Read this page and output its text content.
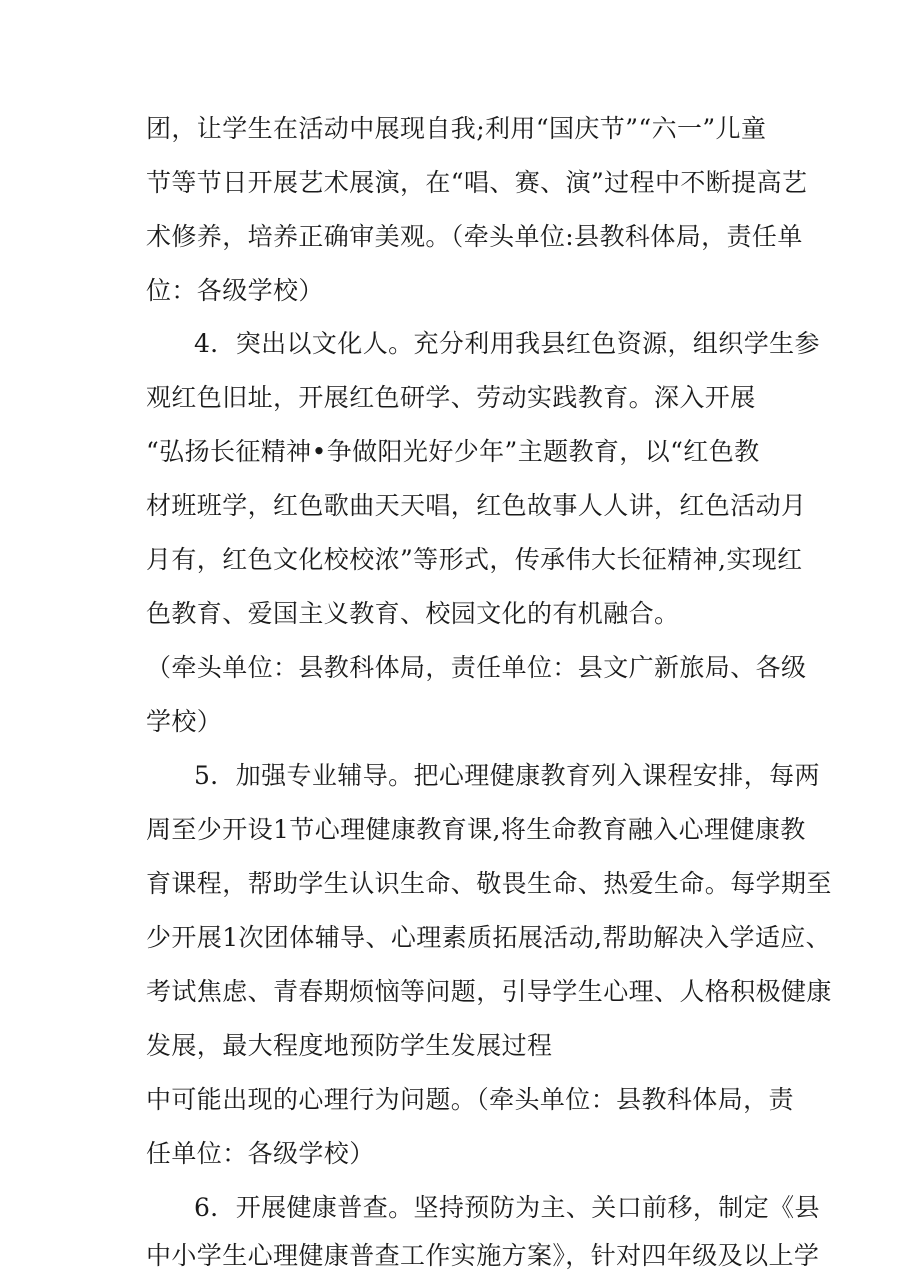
团，让学生在活动中展现自我;利用“国庆节”“六一”儿童
节等节日开展艺术展演，在“唱、赛、演”过程中不断提高艺
术修养，培养正确审美观。（牵头单位:县教科体局，责任单
位：各级学校）
4．突出以文化人。充分利用我县红色资源，组织学生参
观红色旧址，开展红色研学、劳动实践教育。深入开展
“弘扬长征精神•争做阳光好少年”主题教育，以“红色教
材班班学，红色歌曲天天唱，红色故事人人讲，红色活动月
月有，红色文化校校浓”等形式，传承伟大长征精神,实现红
色教育、爱国主义教育、校园文化的有机融合。
（牵头单位：县教科体局，责任单位：县文广新旅局、各级
学校）
5．加强专业辅导。把心理健康教育列入课程安排，每两
周至少开设1节心理健康教育课,将生命教育融入心理健康教
育课程，帮助学生认识生命、敬畏生命、热爱生命。每学期至
少开展1次团体辅导、心理素质拓展活动,帮助解决入学适应、
考试焦虑、青春期烦恼等问题，引导学生心理、人格积极健康
发展，最大程度地预防学生发展过程
中可能出现的心理行为问题。（牵头单位：县教科体局，责
任单位：各级学校）
6．开展健康普查。坚持预防为主、关口前移，制定《县
中小学生心理健康普查工作实施方案》，针对四年级及以上学
